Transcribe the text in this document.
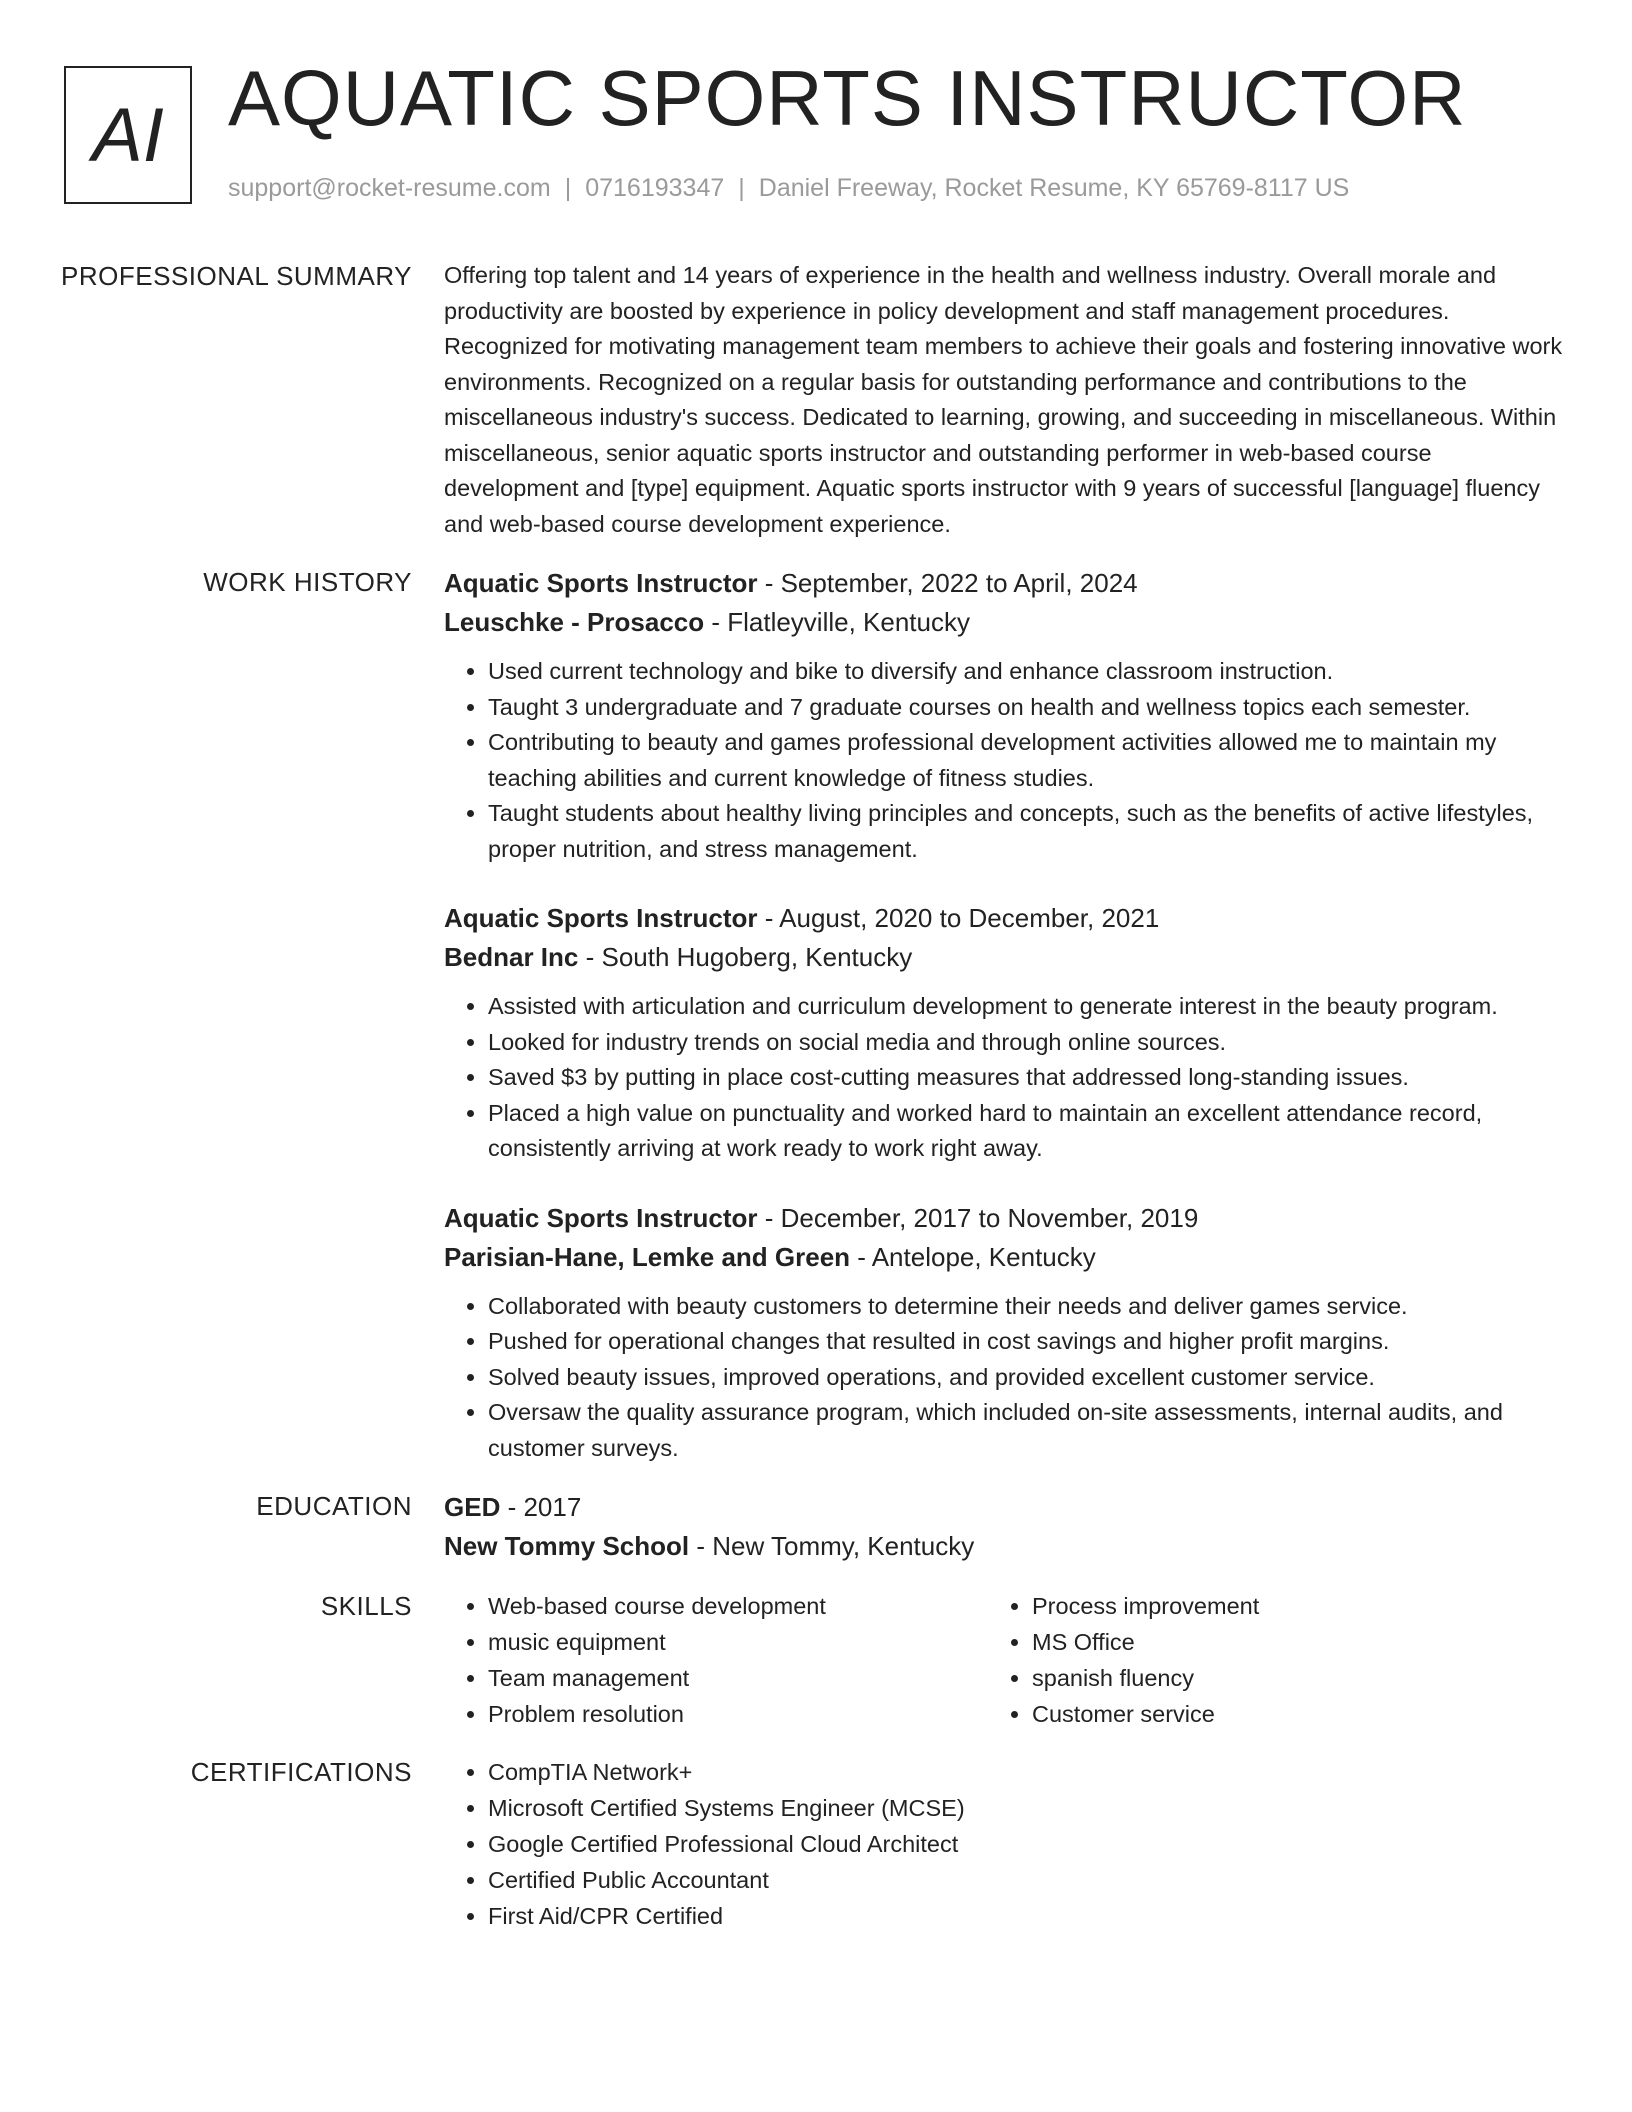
AI AQUATIC SPORTS INSTRUCTOR
support@rocket-resume.com | 0716193347 | Daniel Freeway, Rocket Resume, KY 65769-8117 US
PROFESSIONAL SUMMARY Offering top talent and 14 years of experience in the health and wellness industry. Overall morale and productivity are boosted by experience in policy development and staff management procedures. Recognized for motivating management team members to achieve their goals and fostering innovative work environments. Recognized on a regular basis for outstanding performance and contributions to the miscellaneous industry's success. Dedicated to learning, growing, and succeeding in miscellaneous. Within miscellaneous, senior aquatic sports instructor and outstanding performer in web-based course development and [type] equipment. Aquatic sports instructor with 9 years of successful [language] fluency and web-based course development experience.

WORK HISTORY Aquatic Sports Instructor - September, 2022 to April, 2024
Leuschke - Prosacco - Flatleyville, Kentucky
• Used current technology and bike to diversify and enhance classroom instruction.
• Taught 3 undergraduate and 7 graduate courses on health and wellness topics each semester.
• Contributing to beauty and games professional development activities allowed me to maintain my teaching abilities and current knowledge of fitness studies.
• Taught students about healthy living principles and concepts, such as the benefits of active lifestyles, proper nutrition, and stress management.
Aquatic Sports Instructor - August, 2020 to December, 2021
Bednar Inc - South Hugoberg, Kentucky
• Assisted with articulation and curriculum development to generate interest in the beauty program.
• Looked for industry trends on social media and through online sources.
• Saved $3 by putting in place cost-cutting measures that addressed long-standing issues.
• Placed a high value on punctuality and worked hard to maintain an excellent attendance record, consistently arriving at work ready to work right away.
Aquatic Sports Instructor - December, 2017 to November, 2019
Parisian-Hane, Lemke and Green - Antelope, Kentucky
• Collaborated with beauty customers to determine their needs and deliver games service.
• Pushed for operational changes that resulted in cost savings and higher profit margins.
• Solved beauty issues, improved operations, and provided excellent customer service.
• Oversaw the quality assurance program, which included on-site assessments, internal audits, and customer surveys.
EDUCATION GED - 2017
New Tommy School - New Tommy, Kentucky
SKILLS	• Web-based course development
• music equipment
• Team management
• Problem resolution
• Process improvement
• MS Office
• spanish fluency
• Customer service
CERTIFICATIONS	• CompTIA Network+
• Microsoft Certified Systems Engineer (MCSE)
• Google Certified Professional Cloud Architect
• Certified Public Accountant
• First Aid/CPR Certified
